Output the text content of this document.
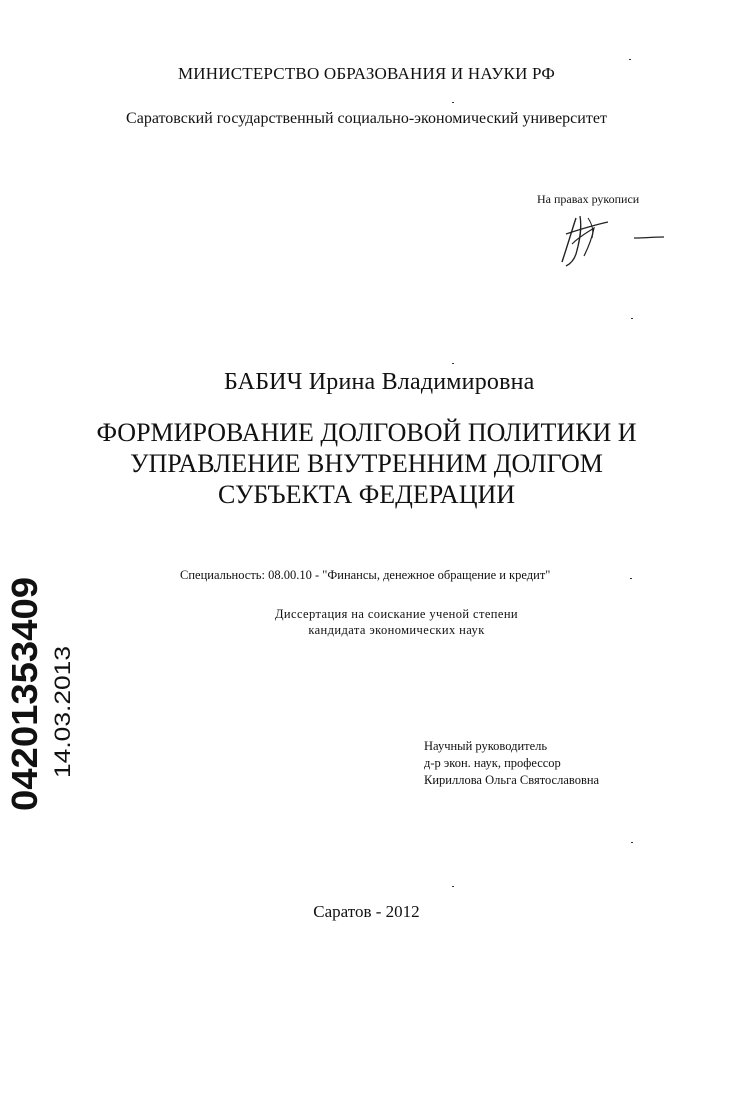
МИНИСТЕРСТВО ОБРАЗОВАНИЯ И НАУКИ РФ
Саратовский государственный социально-экономический университет
На правах рукописи
БАБИЧ Ирина Владимировна
ФОРМИРОВАНИЕ ДОЛГОВОЙ ПОЛИТИКИ И
УПРАВЛЕНИЕ ВНУТРЕННИМ ДОЛГОМ
СУБЪЕКТА ФЕДЕРАЦИИ
Специальность: 08.00.10 - "Финансы, денежное обращение и кредит"
Диссертация на соискание ученой степени
кандидата экономических наук
04201353409 14.03.2013	Научный руководитель
д-р экон. наук, профессор
Кириллова Ольга Святославовна
Саратов - 2012
